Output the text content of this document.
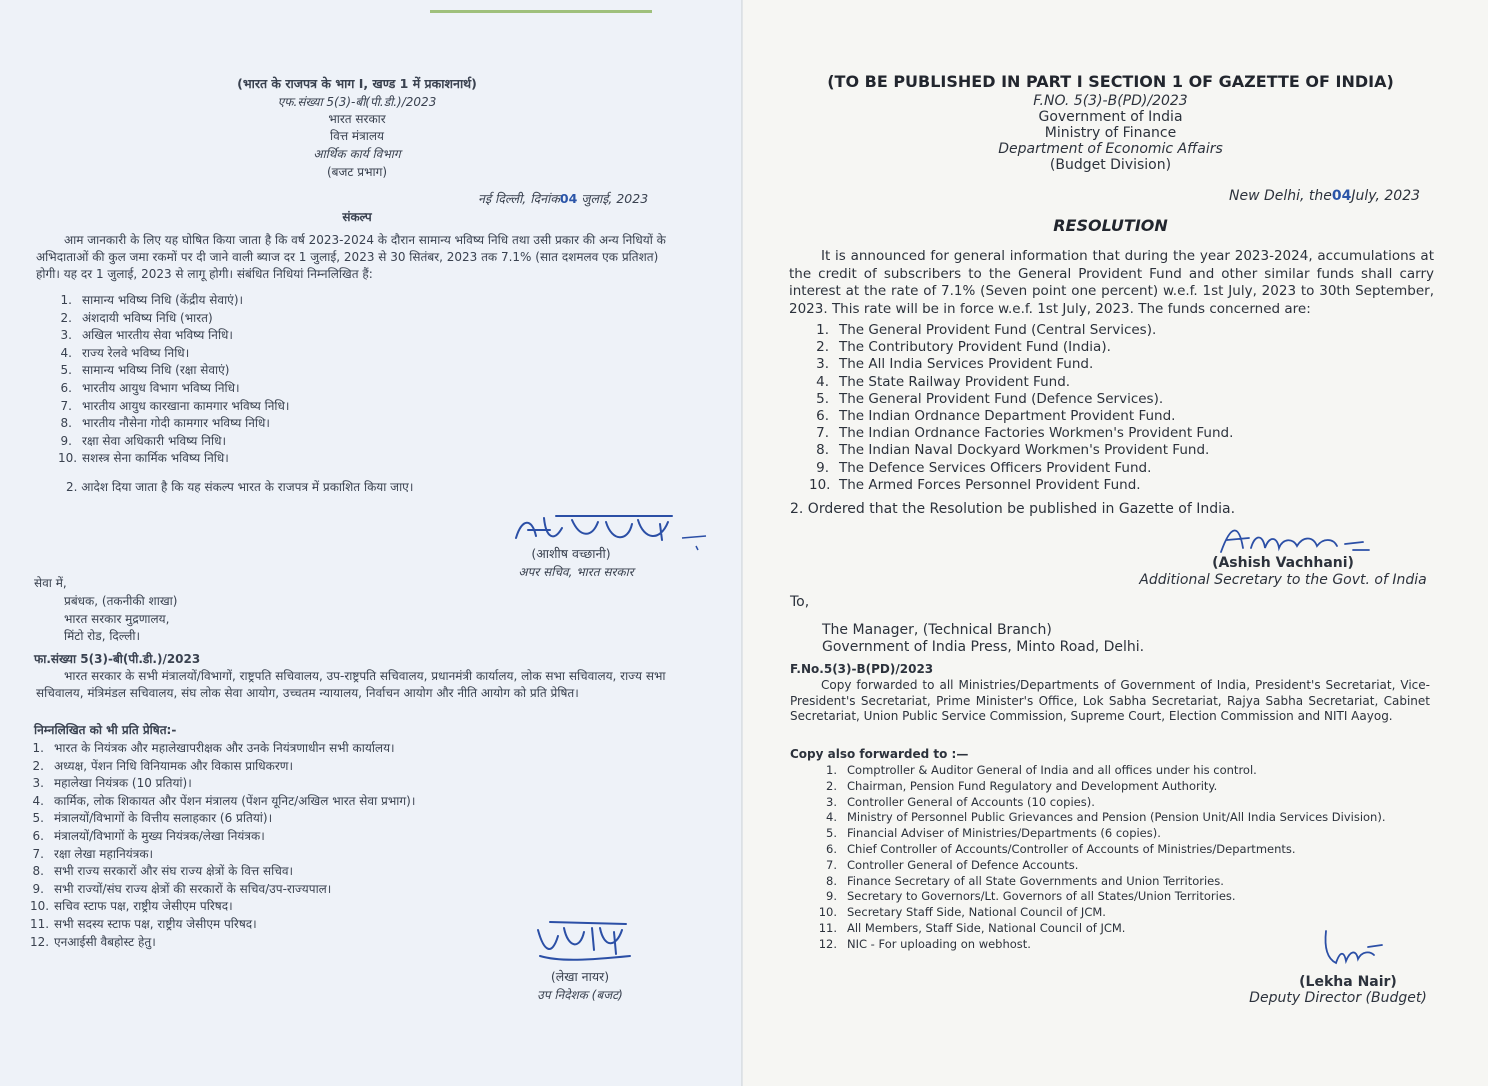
(भारत के राजपत्र के भाग I, खण्ड 1 में प्रकाशनार्थ)
एफ.संख्या 5(3)-बी(पी.डी.)/2023
भारत सरकार
वित्त मंत्रालय
आर्थिक कार्य विभाग
(बजट प्रभाग)
नई दिल्ली, दिनांक04 जुलाई, 2023
संकल्प
आम जानकारी के लिए यह घोषित किया जाता है कि वर्ष 2023-2024 के दौरान सामान्य भविष्य निधि तथा उसी प्रकार की अन्य निधियों के अभिदाताओं की कुल जमा रकमों पर दी जाने वाली ब्याज दर 1 जुलाई, 2023 से 30 सितंबर, 2023 तक 7.1% (सात दशमलव एक प्रतिशत) होगी। यह दर 1 जुलाई, 2023 से लागू होगी। संबंधित निधियां निम्नलिखित हैं:
1. सामान्य भविष्य निधि (केंद्रीय सेवाएं)।
2. अंशदायी भविष्य निधि (भारत)
3. अखिल भारतीय सेवा भविष्य निधि।
4. राज्य रेलवे भविष्य निधि।
5. सामान्य भविष्य निधि (रक्षा सेवाएं)
6. भारतीय आयुध विभाग भविष्य निधि।
7. भारतीय आयुध कारखाना कामगार भविष्य निधि।
8. भारतीय नौसेना गोदी कामगार भविष्य निधि।
9. रक्षा सेवा अधिकारी भविष्य निधि।
10. सशस्त्र सेना कार्मिक भविष्य निधि।
2. आदेश दिया जाता है कि यह संकल्प भारत के राजपत्र में प्रकाशित किया जाए।
(आशीष वच्छानी)
अपर सचिव, भारत सरकार
सेवा में,
प्रबंधक, (तकनीकी शाखा)
भारत सरकार मुद्रणालय,
मिंटो रोड, दिल्ली।
फा.संख्या 5(3)-बी(पी.डी.)/2023
भारत सरकार के सभी मंत्रालयों/विभागों, राष्ट्रपति सचिवालय, उप-राष्ट्रपति सचिवालय, प्रधानमंत्री कार्यालय, लोक सभा सचिवालय, राज्य सभा सचिवालय, मंत्रिमंडल सचिवालय, संघ लोक सेवा आयोग, उच्चतम न्यायालय, निर्वाचन आयोग और नीति आयोग को प्रति प्रेषित।
निम्नलिखित को भी प्रति प्रेषित:-
1. भारत के नियंत्रक और महालेखापरीक्षक और उनके नियंत्रणाधीन सभी कार्यालय।
2. अध्यक्ष, पेंशन निधि विनियामक और विकास प्राधिकरण।
3. महालेखा नियंत्रक (10 प्रतियां)।
4. कार्मिक, लोक शिकायत और पेंशन मंत्रालय (पेंशन यूनिट/अखिल भारत सेवा प्रभाग)।
5. मंत्रालयों/विभागों के वित्तीय सलाहकार (6 प्रतियां)।
6. मंत्रालयों/विभागों के मुख्य नियंत्रक/लेखा नियंत्रक।
7. रक्षा लेखा महानियंत्रक।
8. सभी राज्य सरकारों और संघ राज्य क्षेत्रों के वित्त सचिव।
9. सभी राज्यों/संघ राज्य क्षेत्रों की सरकारों के सचिव/उप-राज्यपाल।
10. सचिव स्टाफ पक्ष, राष्ट्रीय जेसीएम परिषद।
11. सभी सदस्य स्टाफ पक्ष, राष्ट्रीय जेसीएम परिषद।
12. एनआईसी वैबहोस्ट हेतु।
(लेखा नायर)
उप निदेशक (बजट)
(TO BE PUBLISHED IN PART I SECTION 1 OF GAZETTE OF INDIA)
F.NO. 5(3)-B(PD)/2023
Government of India
Ministry of Finance
Department of Economic Affairs
(Budget Division)
New Delhi, the04July, 2023
RESOLUTION
It is announced for general information that during the year 2023-2024, accumulations at the credit of subscribers to the General Provident Fund and other similar funds shall carry interest at the rate of 7.1% (Seven point one percent) w.e.f. 1st July, 2023 to 30th September, 2023. This rate will be in force w.e.f. 1st July, 2023. The funds concerned are:
1. The General Provident Fund (Central Services).
2. The Contributory Provident Fund (India).
3. The All India Services Provident Fund.
4. The State Railway Provident Fund.
5. The General Provident Fund (Defence Services).
6. The Indian Ordnance Department Provident Fund.
7. The Indian Ordnance Factories Workmen's Provident Fund.
8. The Indian Naval Dockyard Workmen's Provident Fund.
9. The Defence Services Officers Provident Fund.
10. The Armed Forces Personnel Provident Fund.
2. Ordered that the Resolution be published in Gazette of India.
(Ashish Vachhani)
Additional Secretary to the Govt. of India
To,
The Manager, (Technical Branch)
Government of India Press, Minto Road, Delhi.
F.No.5(3)-B(PD)/2023
Copy forwarded to all Ministries/Departments of Government of India, President's Secretariat, Vice-President's Secretariat, Prime Minister's Office, Lok Sabha Secretariat, Rajya Sabha Secretariat, Cabinet Secretariat, Union Public Service Commission, Supreme Court, Election Commission and NITI Aayog.
Copy also forwarded to :—
1. Comptroller & Auditor General of India and all offices under his control.
2. Chairman, Pension Fund Regulatory and Development Authority.
3. Controller General of Accounts (10 copies).
4. Ministry of Personnel Public Grievances and Pension (Pension Unit/All India Services Division).
5. Financial Adviser of Ministries/Departments (6 copies).
6. Chief Controller of Accounts/Controller of Accounts of Ministries/Departments.
7. Controller General of Defence Accounts.
8. Finance Secretary of all State Governments and Union Territories.
9. Secretary to Governors/Lt. Governors of all States/Union Territories.
10. Secretary Staff Side, National Council of JCM.
11. All Members, Staff Side, National Council of JCM.
12. NIC - For uploading on webhost.
(Lekha Nair)
Deputy Director (Budget)
